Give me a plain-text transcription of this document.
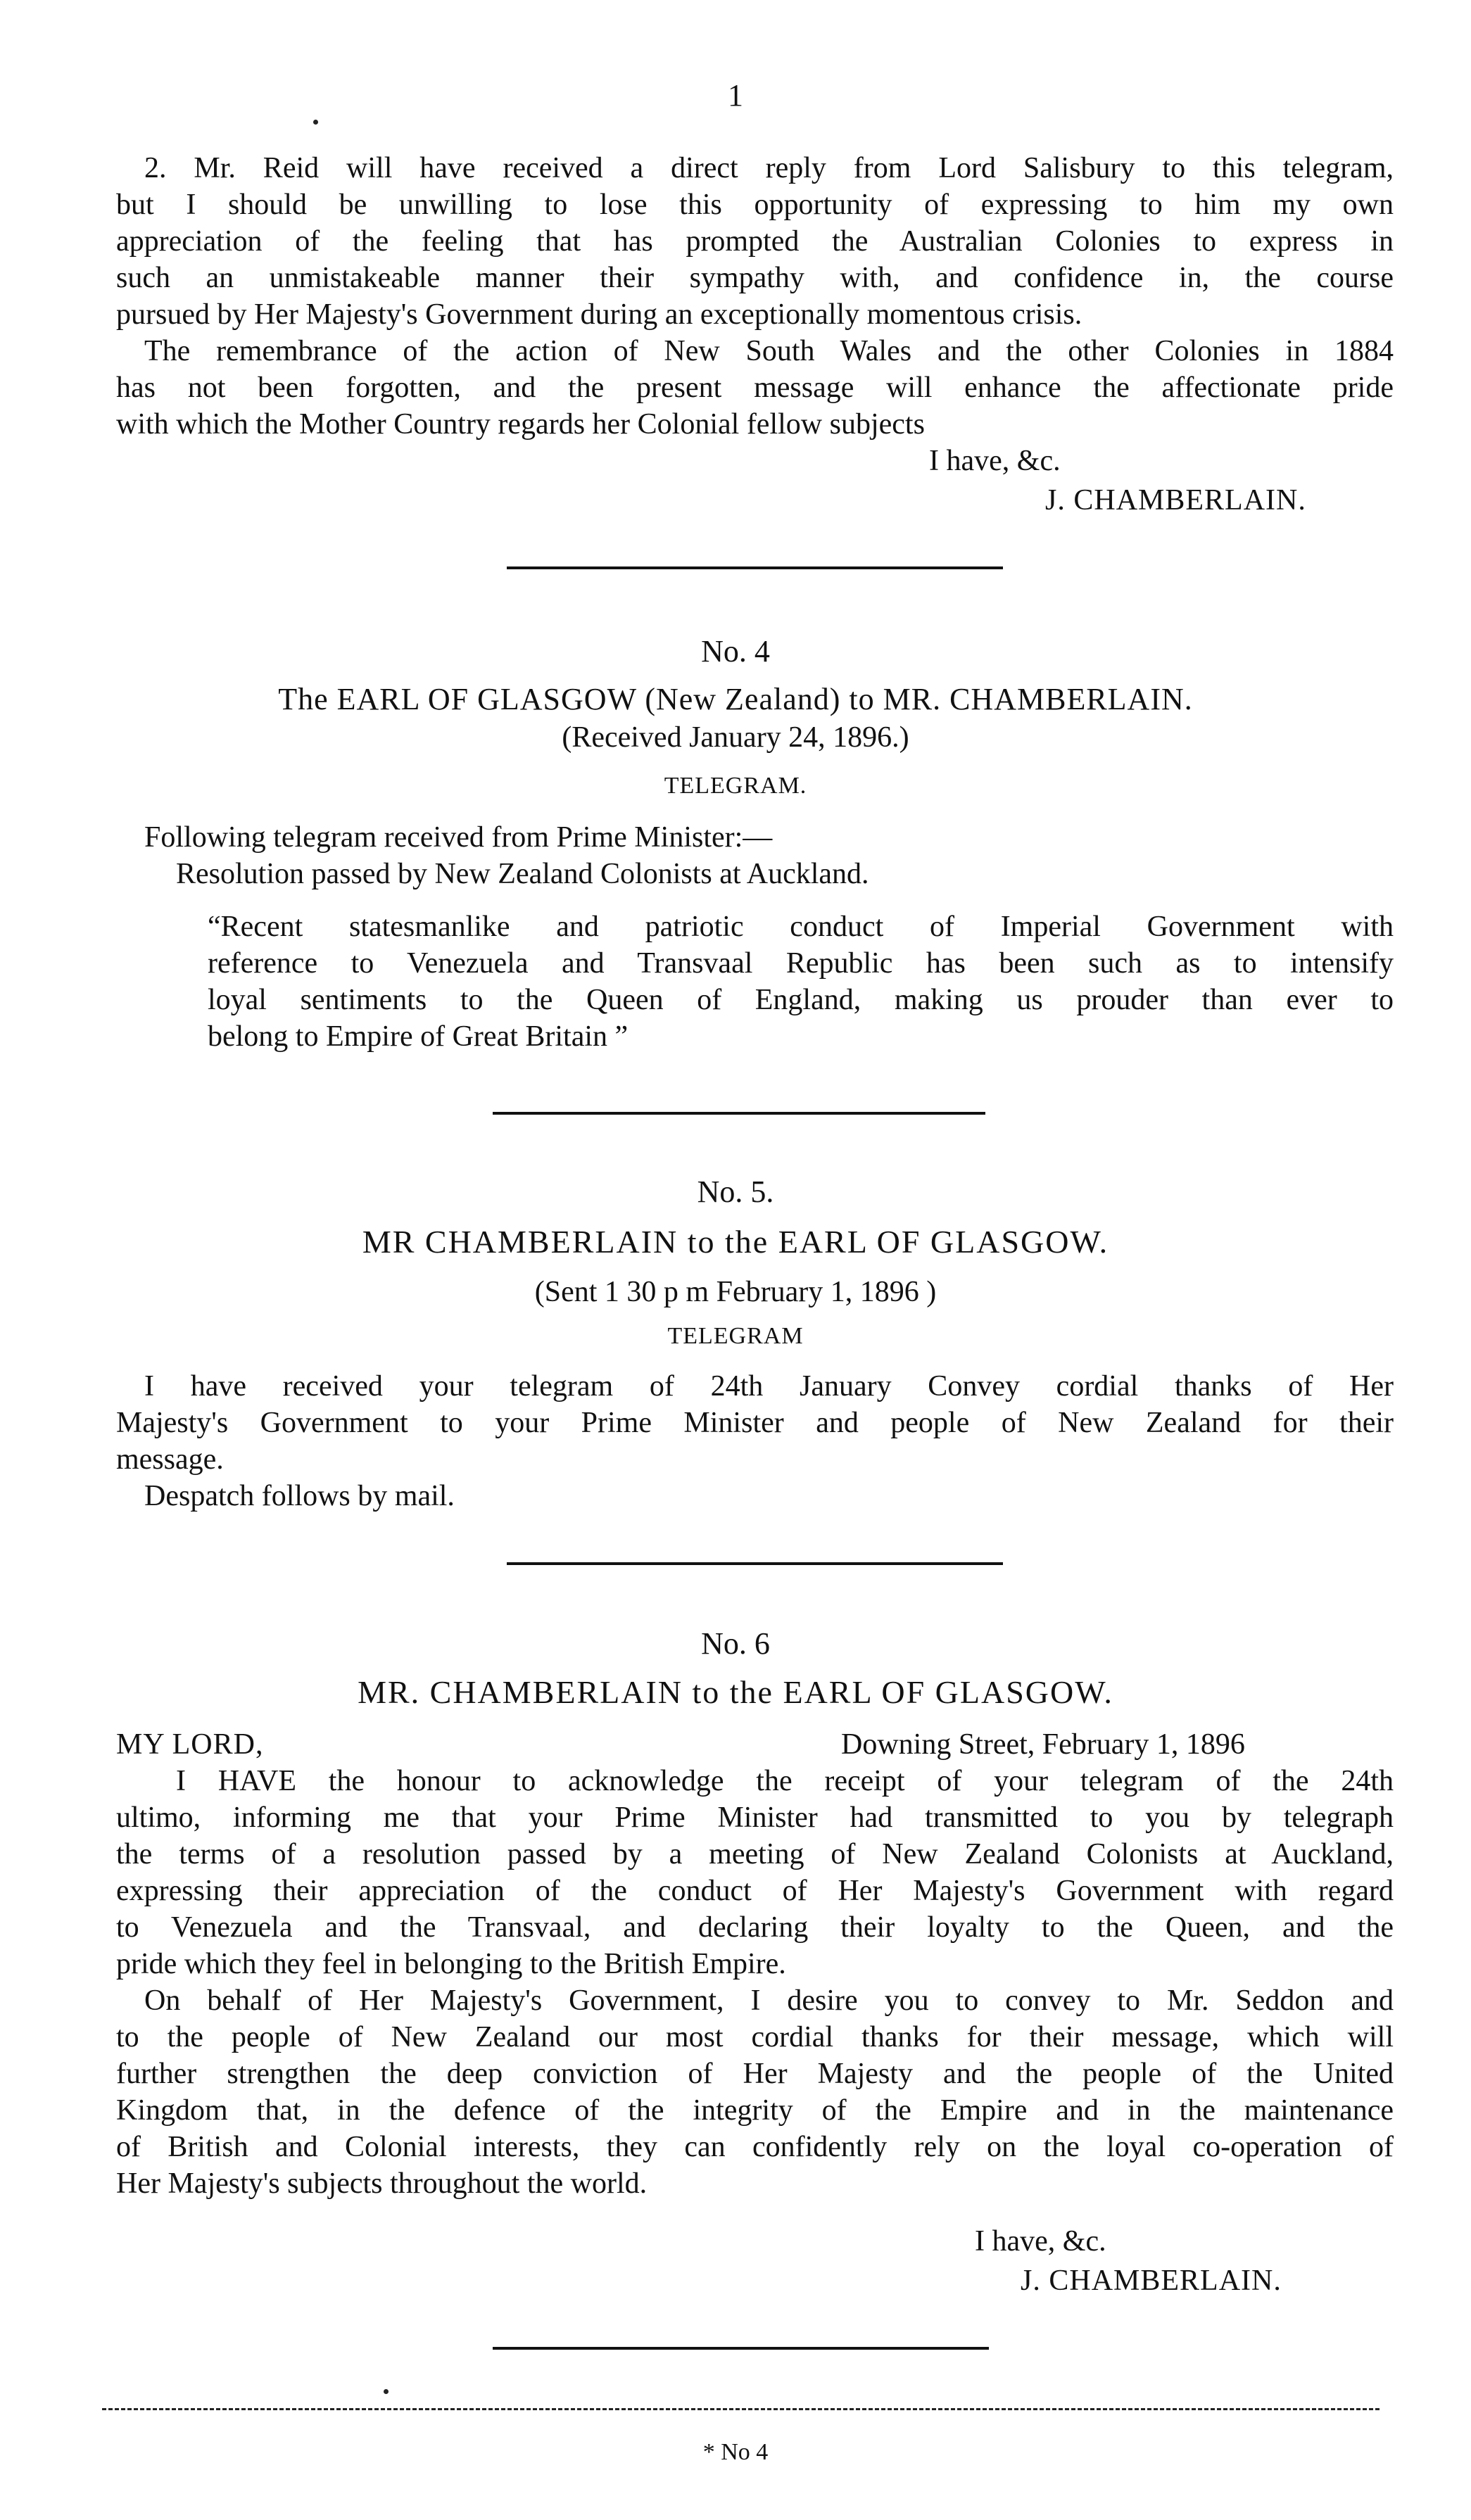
1
2. Mr. Reid will have received a direct reply from Lord Salisbury to this telegram,
but I should be unwilling to lose this opportunity of expressing to him my own
appreciation of the feeling that has prompted the Australian Colonies to express in
such an unmistakeable manner their sympathy with, and confidence in, the course
pursued by Her Majesty's Government during an exceptionally momentous crisis.
The remembrance of the action of New South Wales and the other Colonies in 1884
has not been forgotten, and the present message will enhance the affectionate pride
with which the Mother Country regards her Colonial fellow subjects
I have, &c.
J. CHAMBERLAIN.
No. 4
The EARL OF GLASGOW (New Zealand) to MR. CHAMBERLAIN.
(Received January 24, 1896.)
TELEGRAM.
Following telegram received from Prime Minister:—
Resolution passed by New Zealand Colonists at Auckland.
“Recent statesmanlike and patriotic conduct of Imperial Government with
reference to Venezuela and Transvaal Republic has been such as to intensify
loyal sentiments to the Queen of England, making us prouder than ever to
belong to Empire of Great Britain ”
No. 5.
MR CHAMBERLAIN to the EARL OF GLASGOW.
(Sent 1 30 p m February 1, 1896 )
TELEGRAM
I have received your telegram of 24th January Convey cordial thanks of Her
Majesty's Government to your Prime Minister and people of New Zealand for their
message.
Despatch follows by mail.
No. 6
MR. CHAMBERLAIN to the EARL OF GLASGOW.
MY LORD,	Downing Street, February 1, 1896
I HAVE the honour to acknowledge the receipt of your telegram of the 24th
ultimo, informing me that your Prime Minister had transmitted to you by telegraph
the terms of a resolution passed by a meeting of New Zealand Colonists at Auckland,
expressing their appreciation of the conduct of Her Majesty's Government with regard
to Venezuela and the Transvaal, and declaring their loyalty to the Queen, and the
pride which they feel in belonging to the British Empire.
On behalf of Her Majesty's Government, I desire you to convey to Mr. Seddon and
to the people of New Zealand our most cordial thanks for their message, which will
further strengthen the deep conviction of Her Majesty and the people of the United
Kingdom that, in the defence of the integrity of the Empire and in the maintenance
of British and Colonial interests, they can confidently rely on the loyal co-operation of
Her Majesty's subjects throughout the world.
I have, &c.
J. CHAMBERLAIN.
* No 4
